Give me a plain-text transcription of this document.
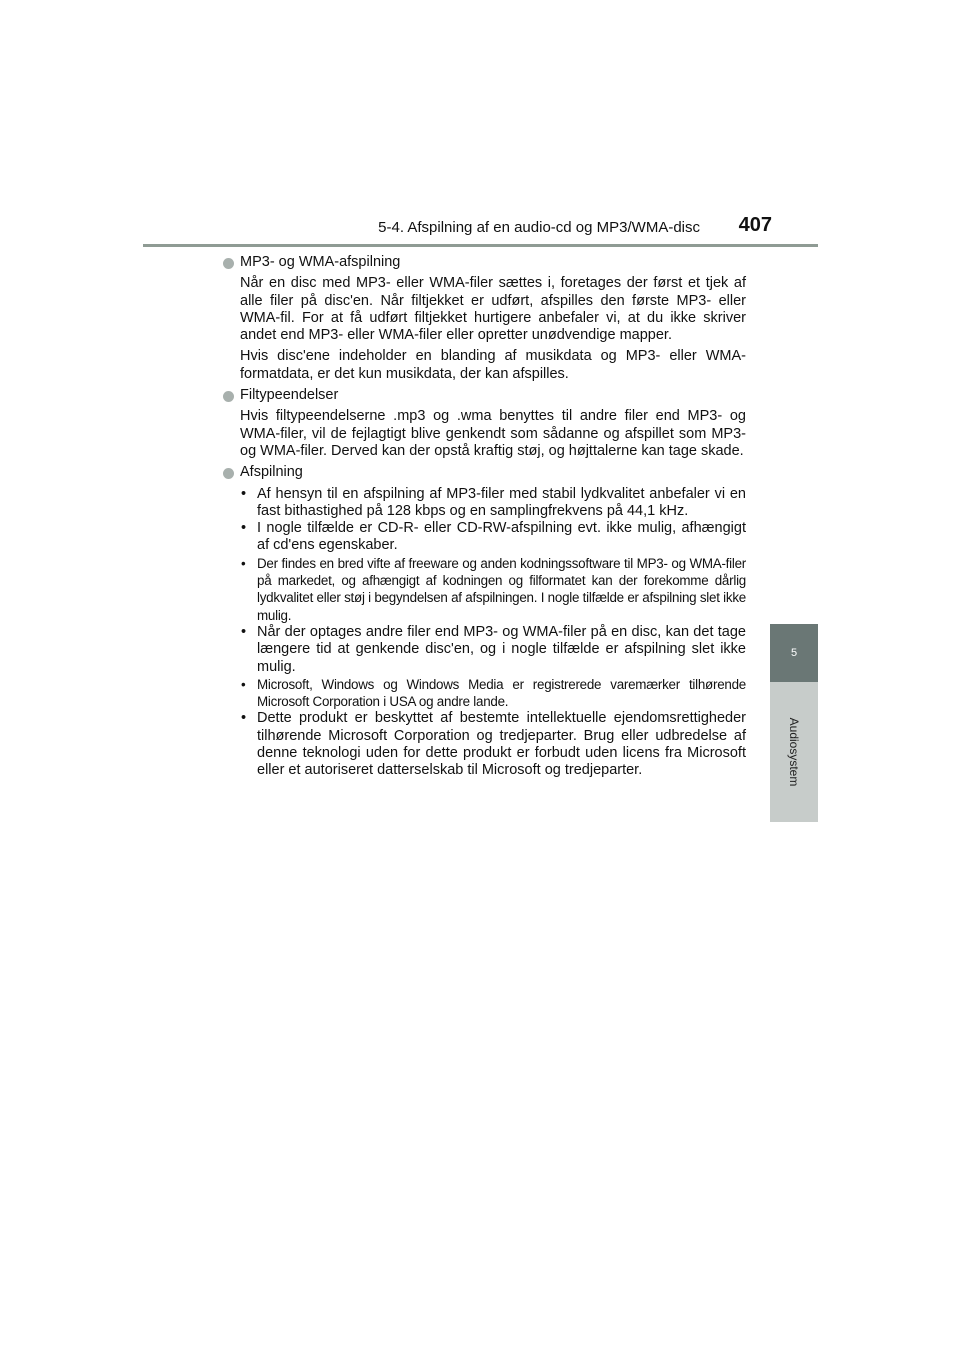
5-4. Afspilning af en audio-cd og MP3/WMA-disc 407
5
Audiosystem

MP3- og WMA-afspilning

Når en disc med MP3- eller WMA-filer sættes i, foretages der først et tjek af alle filer på disc'en. Når filtjekket er udført, afspilles den første MP3- eller WMA-fil. For at få udført filtjekket hurtigere anbefaler vi, at du ikke skriver andet end MP3- eller WMA-filer eller opretter unødvendige mapper.

Hvis disc'ene indeholder en blanding af musikdata og MP3- eller WMA-formatdata, er det kun musikdata, der kan afspilles.

Filtypeendelser

Hvis filtypeendelserne .mp3 og .wma benyttes til andre filer end MP3- og WMA-filer, vil de fejlagtigt blive genkendt som sådanne og afspillet som MP3- og WMA-filer. Derved kan der opstå kraftig støj, og højttalerne kan tage skade.

Afspilning

• Af hensyn til en afspilning af MP3-filer med stabil lydkvalitet anbefaler vi en fast bithastighed på 128 kbps og en samplingfrekvens på 44,1 kHz.
• I nogle tilfælde er CD-R- eller CD-RW-afspilning evt. ikke mulig, afhængigt af cd'ens egenskaber.
• Der findes en bred vifte af freeware og anden kodningssoftware til MP3- og WMA-filer på markedet, og afhængigt af kodningen og filformatet kan der forekomme dårlig lydkvalitet eller støj i begyndelsen af afspilningen. I nogle tilfælde er afspilning slet ikke mulig.
• Når der optages andre filer end MP3- og WMA-filer på en disc, kan det tage længere tid at genkende disc'en, og i nogle tilfælde er afspilning slet ikke mulig.
• Microsoft, Windows og Windows Media er registrerede varemærker tilhørende Microsoft Corporation i USA og andre lande.
• Dette produkt er beskyttet af bestemte intellektuelle ejendomsrettigheder tilhørende Microsoft Corporation og tredjeparter. Brug eller udbredelse af denne teknologi uden for dette produkt er forbudt uden licens fra Microsoft eller et autoriseret datterselskab til Microsoft og tredjeparter.
